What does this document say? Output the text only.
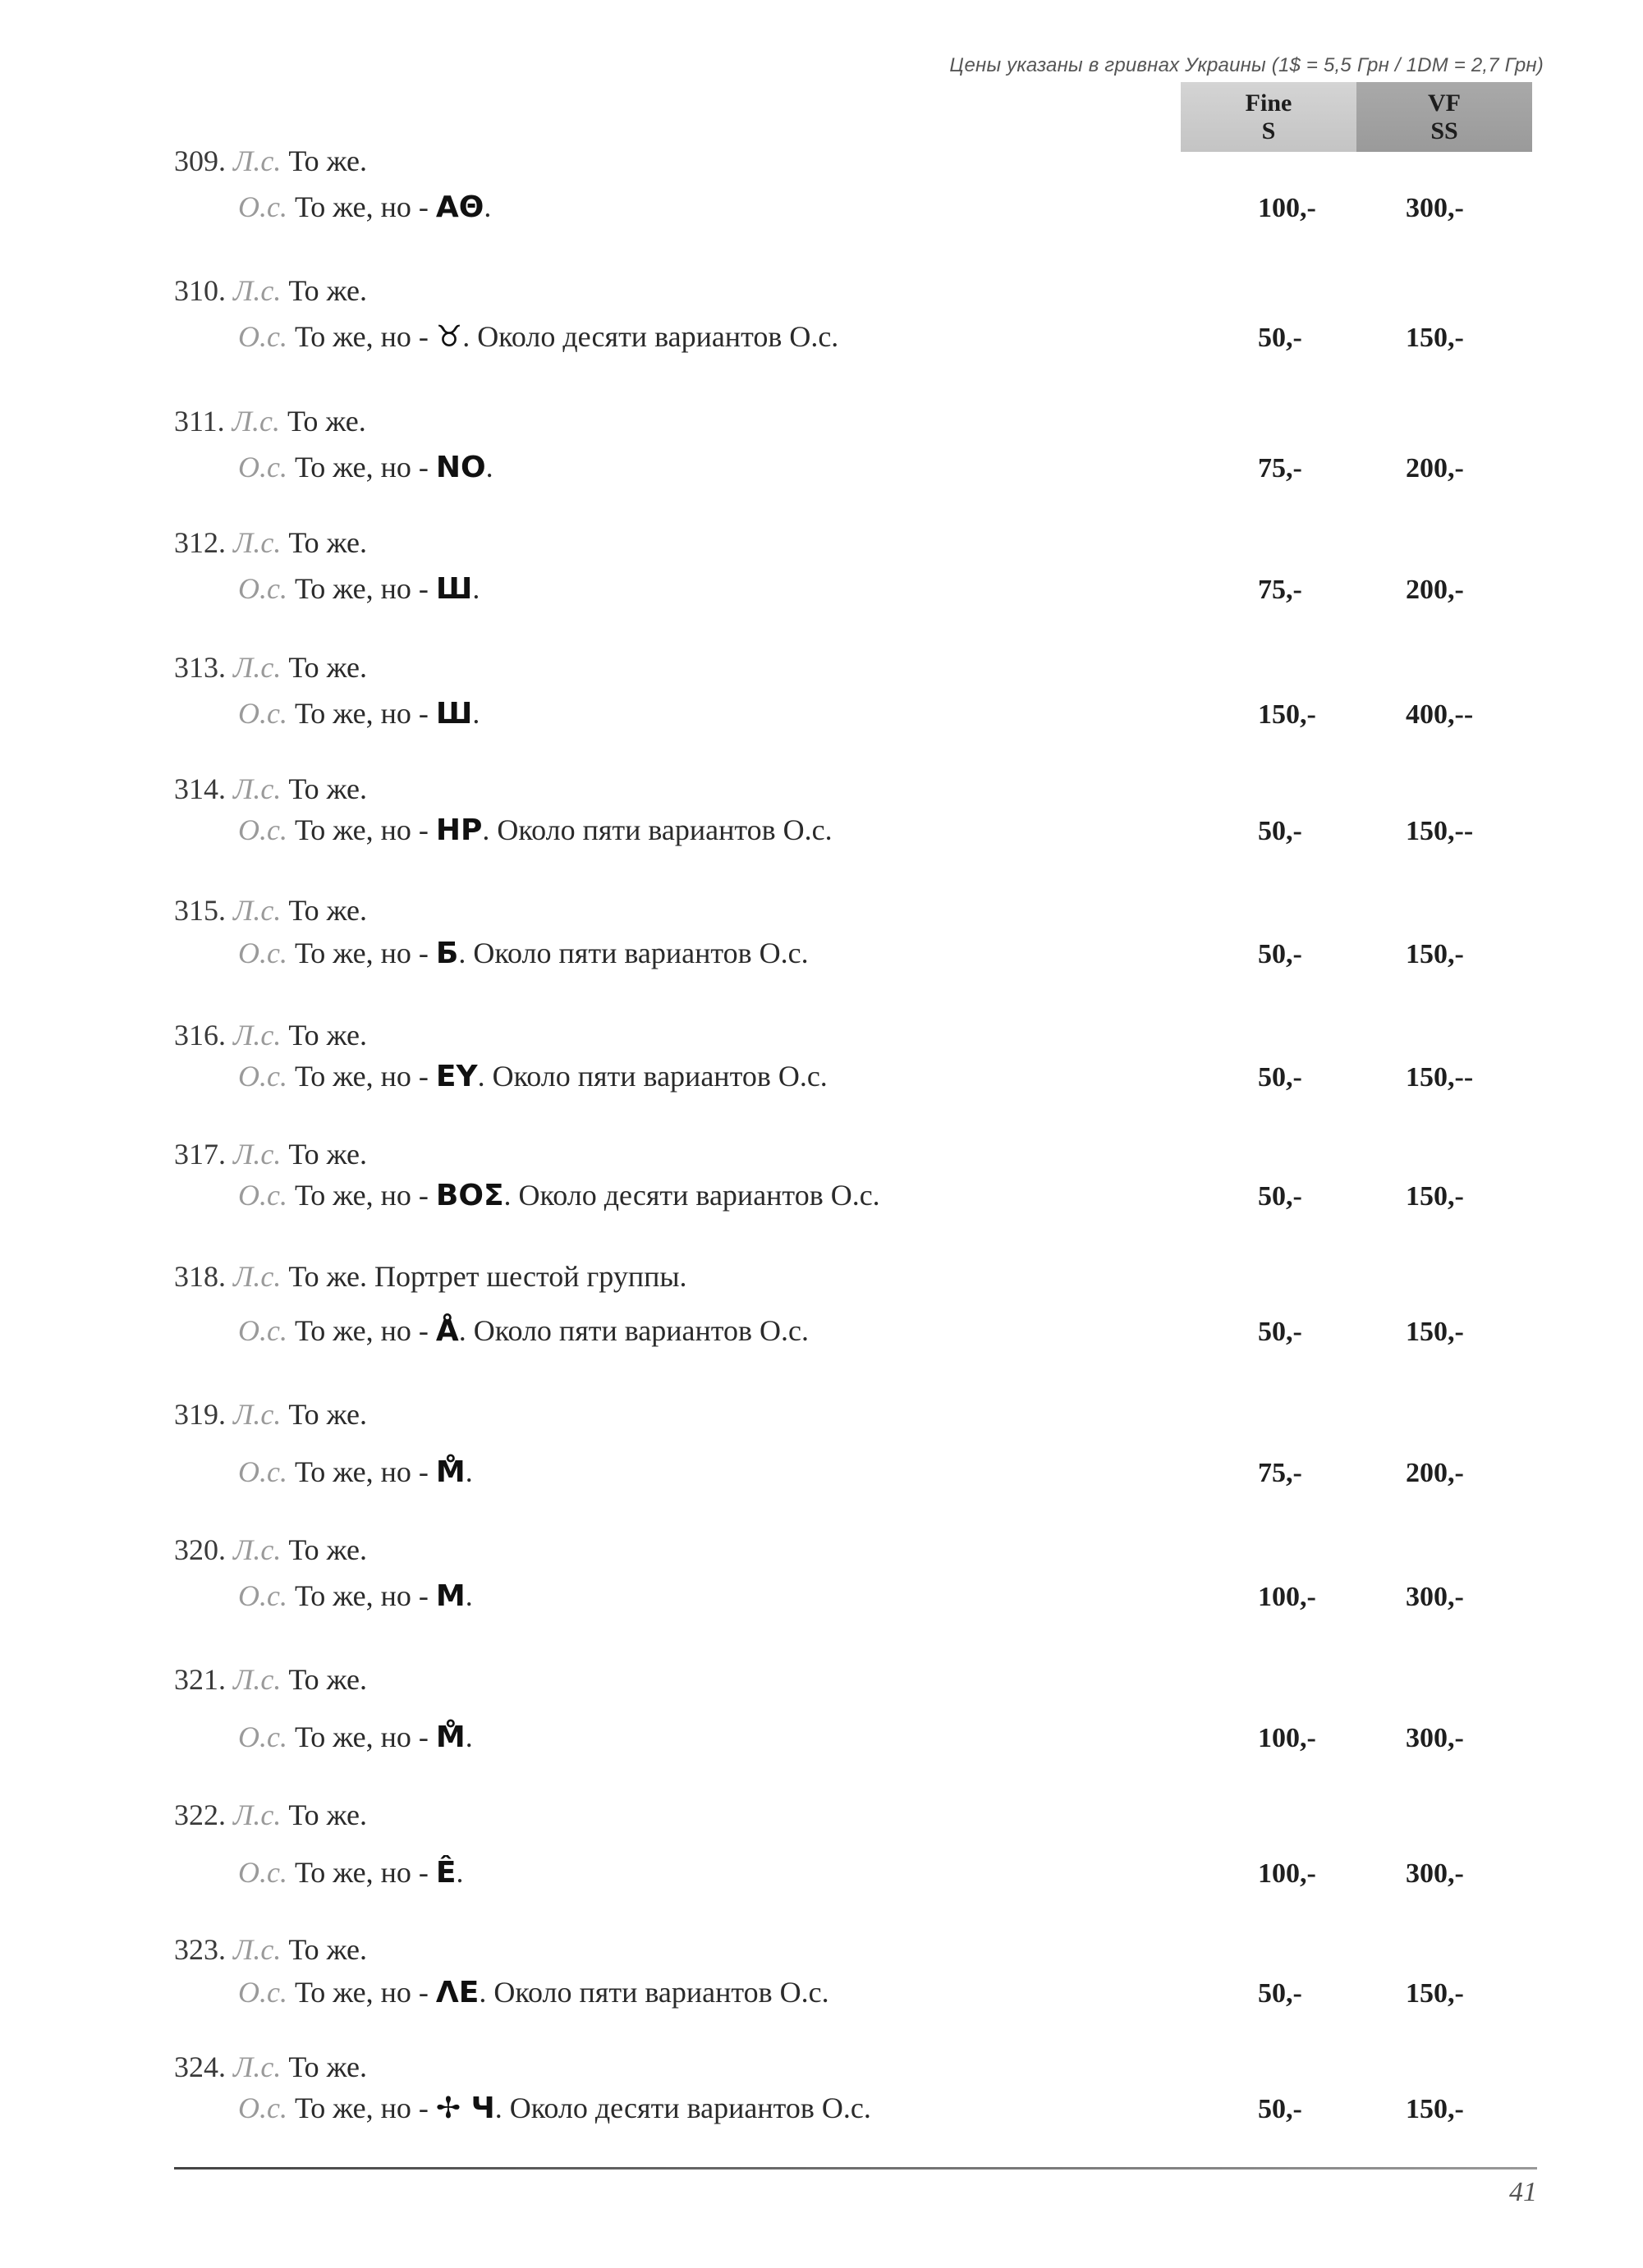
Цены указаны в гривнах Украины (1$ = 5,5 Грн / 1DM = 2,7 Грн)
Fine
S
VF
SS
309. Л.с. То же.
О.с. То же, но - ΑΘ.	100,-	300,-
310. Л.с. То же.
О.с. То же, но - ♉. Около десяти вариантов О.с.	50,-	150,-
311. Л.с. То же.
О.с. То же, но - NO.	75,-	200,-
312. Л.с. То же.
О.с. То же, но - Ш.	75,-	200,-
313. Л.с. То же.
О.с. То же, но - Ш.	150,-	400,--
314. Л.с. То же.
О.с. То же, но - HP. Около пяти вариантов О.с.	50,-	150,--
315. Л.с. То же.
О.с. То же, но - Б. Около пяти вариантов О.с.	50,-	150,-
316. Л.с. То же.
О.с. То же, но - EY. Около пяти вариантов О.с.	50,-	150,--
317. Л.с. То же.
О.с. То же, но - ΒΟΣ. Около десяти вариантов О.с.	50,-	150,-
318. Л.с. То же. Портрет шестой группы.
О.с. То же, но - Å. Около пяти вариантов О.с.	50,-	150,-
319. Л.с. То же.
О.с. То же, но - M̊.	75,-	200,-
320. Л.с. То же.
О.с. То же, но - M.	100,-	300,-
321. Л.с. То же.
О.с. То же, но - M̊.	100,-	300,-
322. Л.с. То же.
О.с. То же, но - Ê.	100,-	300,-
323. Л.с. То же.
О.с. То же, но - ΛΕ. Около пяти вариантов О.с.	50,-	150,-
324. Л.с. То же.
О.с. То же, но - ✢ Ч. Около десяти вариантов О.с.	50,-	150,-
41
